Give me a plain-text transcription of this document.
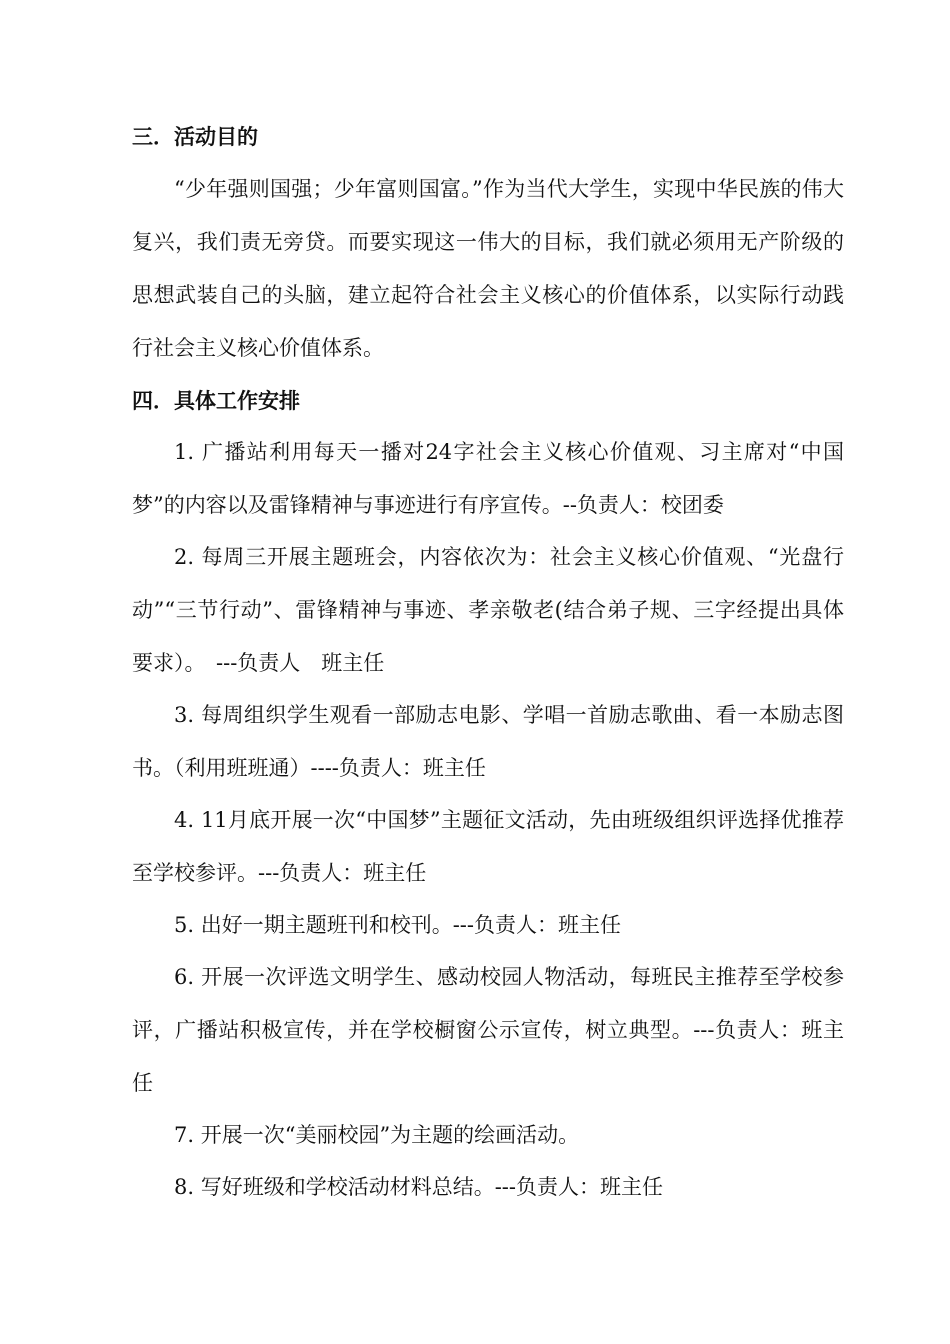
三．活动目的

“少年强则国强；少年富则国富。”作为当代大学生，实现中华民族的伟大复兴，我们责无旁贷。而要实现这一伟大的目标，我们就必须用无产阶级的思想武装自己的头脑，建立起符合社会主义核心的价值体系，以实际行动践行社会主义核心价值体系。

四．具体工作安排

1. 广播站利用每天一播对24字社会主义核心价值观、习主席对“中国梦”的内容以及雷锋精神与事迹进行有序宣传。--负责人：校团委

2. 每周三开展主题班会，内容依次为：社会主义核心价值观、“光盘行动”“三节行动”、雷锋精神与事迹、孝亲敬老(结合弟子规、三字经提出具体要求）。　---负责人　班主任

3. 每周组织学生观看一部励志电影、学唱一首励志歌曲、看一本励志图书。（利用班班通）----负责人：班主任

4. 11月底开展一次“中国梦”主题征文活动，先由班级组织评选择优推荐至学校参评。---负责人：班主任

5. 出好一期主题班刊和校刊。---负责人：班主任

6. 开展一次评选文明学生、感动校园人物活动，每班民主推荐至学校参评，广播站积极宣传，并在学校橱窗公示宣传，树立典型。---负责人：班主任

7. 开展一次“美丽校园”为主题的绘画活动。

8. 写好班级和学校活动材料总结。---负责人：班主任
